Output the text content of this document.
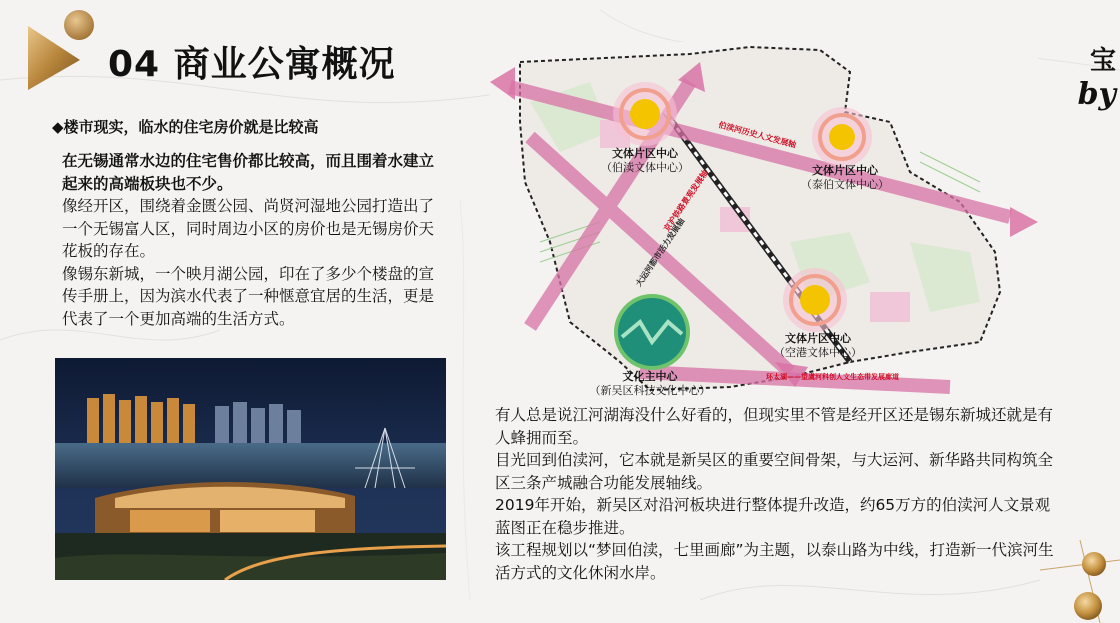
04 商业公寓概况	宝
by
◆楼市现实，临水的住宅房价就是比较高

在无锡通常水边的住宅售价都比较高，而且围着水建立起来的高端板块也不少。

像经开区，围绕着金匮公园、尚贤河湿地公园打造出了一个无锡富人区，同时周边小区的房价也是无锡房价天花板的存在。

像锡东新城，一个映月湖公园，印在了多少个楼盘的宣传手册上，因为滨水代表了一种惬意宜居的生活，更是代表了一个更加高端的生活方式。

伯渎河历史人文发展轴
京沪铁路景观发展轴
大运河都市活力发展轴
环太湖——望虞河科创人文生态带发展廊道
文体片区中心
（伯渎文体中心）	文体片区中心
（泰伯文体中心）
文体片区中心
（空港文体中心）
文化主中心
（新吴区科技文化中心）

有人总是说江河湖海没什么好看的，但现实里不管是经开区还是锡东新城还就是有人蜂拥而至。

目光回到伯渎河，它本就是新吴区的重要空间骨架，与大运河、新华路共同构筑全区三条产城融合功能发展轴线。

2019年开始，新吴区对沿河板块进行整体提升改造，约65万方的伯渎河人文景观蓝图正在稳步推进。

该工程规划以“梦回伯渎，七里画廊”为主题，以泰山路为中线，打造新一代滨河生活方式的文化休闲水岸。
